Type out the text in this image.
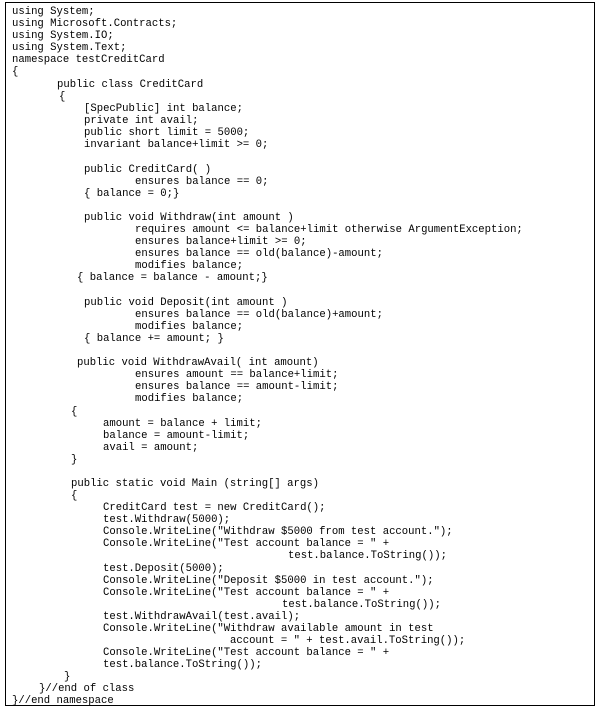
using System;
using Microsoft.Contracts;
using System.IO;
using System.Text;
namespace testCreditCard
{
public class CreditCard
{
[SpecPublic] int balance;
private int avail;
public short limit = 5000;
invariant balance+limit >= 0;
public CreditCard( )
ensures balance == 0;
{ balance = 0;}
public void Withdraw(int amount )
requires amount <= balance+limit otherwise ArgumentException;
ensures balance+limit >= 0;
ensures balance == old(balance)-amount;
modifies balance;
{ balance = balance - amount;}
public void Deposit(int amount )
ensures balance == old(balance)+amount;
modifies balance;
{ balance += amount; }
public void WithdrawAvail( int amount)
ensures amount == balance+limit;
ensures balance == amount-limit;
modifies balance;
{
amount = balance + limit;
balance = amount-limit;
avail = amount;
}
public static void Main (string[] args)
{
CreditCard test = new CreditCard();
test.Withdraw(5000);
Console.WriteLine("Withdraw $5000 from test account.");
Console.WriteLine("Test account balance = " +
test.balance.ToString());
test.Deposit(5000);
Console.WriteLine("Deposit $5000 in test account.");
Console.WriteLine("Test account balance = " +
test.balance.ToString());
test.WithdrawAvail(test.avail);
Console.WriteLine("Withdraw available amount in test
account = " + test.avail.ToString());
Console.WriteLine("Test account balance = " +
test.balance.ToString());
}
}//end of class
}//end namespace
